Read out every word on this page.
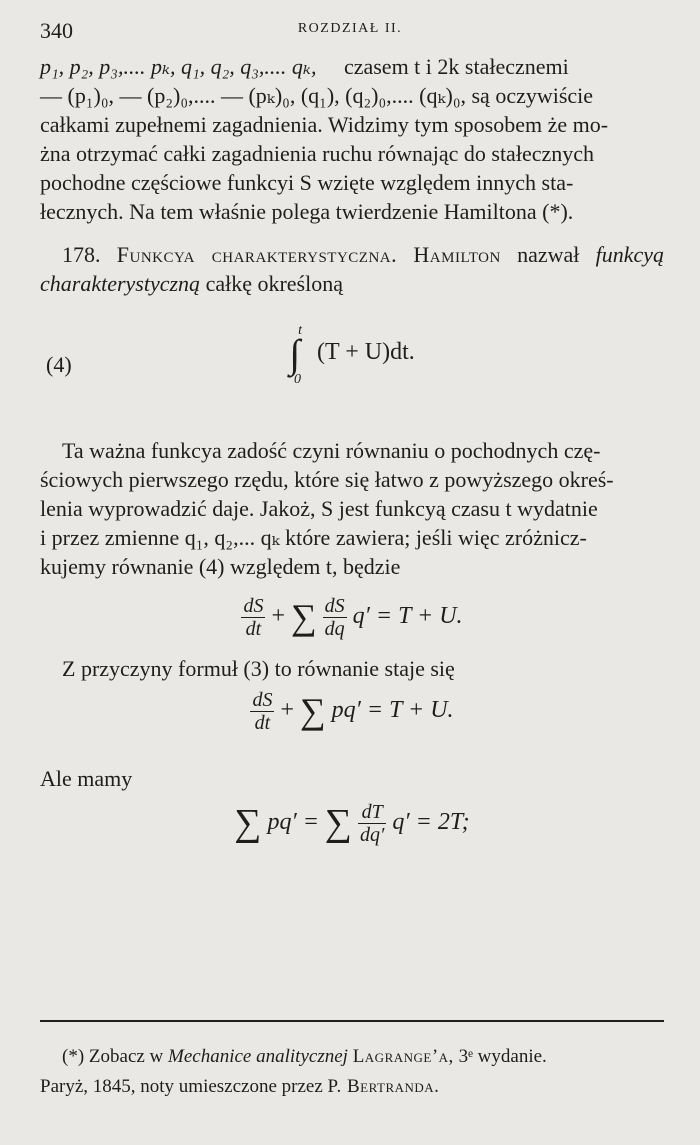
340	ROZDZIAŁ II.

p₁, p₂, p₃,.... pₖ, q₁, q₂, q₃,.... qₖ, czasem t i 2k stałecznemi
— (p₁)₀, — (p₂)₀,.... — (pₖ)₀, (q₁), (q₂)₀,.... (qₖ)₀, są oczywiście
całkami zupełnemi zagadnienia. Widzimy tym sposobem że mo-
żna otrzymać całki zagadnienia ruchu równając do stałecznych
pochodne częściowe funkcyi S wzięte względem innych sta-
łecznych. Na tem właśnie polega twierdzenie Hamiltona (*).

178. Funkcya charakterystyczna. Hamilton nazwał funkcyą charakterystyczną całkę określoną

(4)	∫$^t_0$ (T + U)dt.

Ta ważna funkcya zadość czyni równaniu o pochodnych czę-
ściowych pierwszego rzędu, które się łatwo z powyższego okreś-
lenia wyprowadzić daje. Jakoż, S jest funkcyą czasu t wydatnie
i przez zmienne q₁, q₂,... qₖ które zawiera; jeśli więc zróżnicz-
kujemy równanie (4) względem t, będzie

$\frac{dS}{dt}$ + ∑ $\frac{dS}{dq} q' = T + U$.

Z przyczyny formuł (3) to równanie staje się

$\frac{dS}{dt}$ + ∑ pq′ = T + U.

Ale mamy

∑ pq′ = ∑ $\frac{dT}{dq'} q' = 2T$;
(*) Zobacz w Mechanice analitycznej Lagrange’a, 3ᵉ wydanie.
Paryż, 1845, noty umieszczone przez P. Bertranda.
